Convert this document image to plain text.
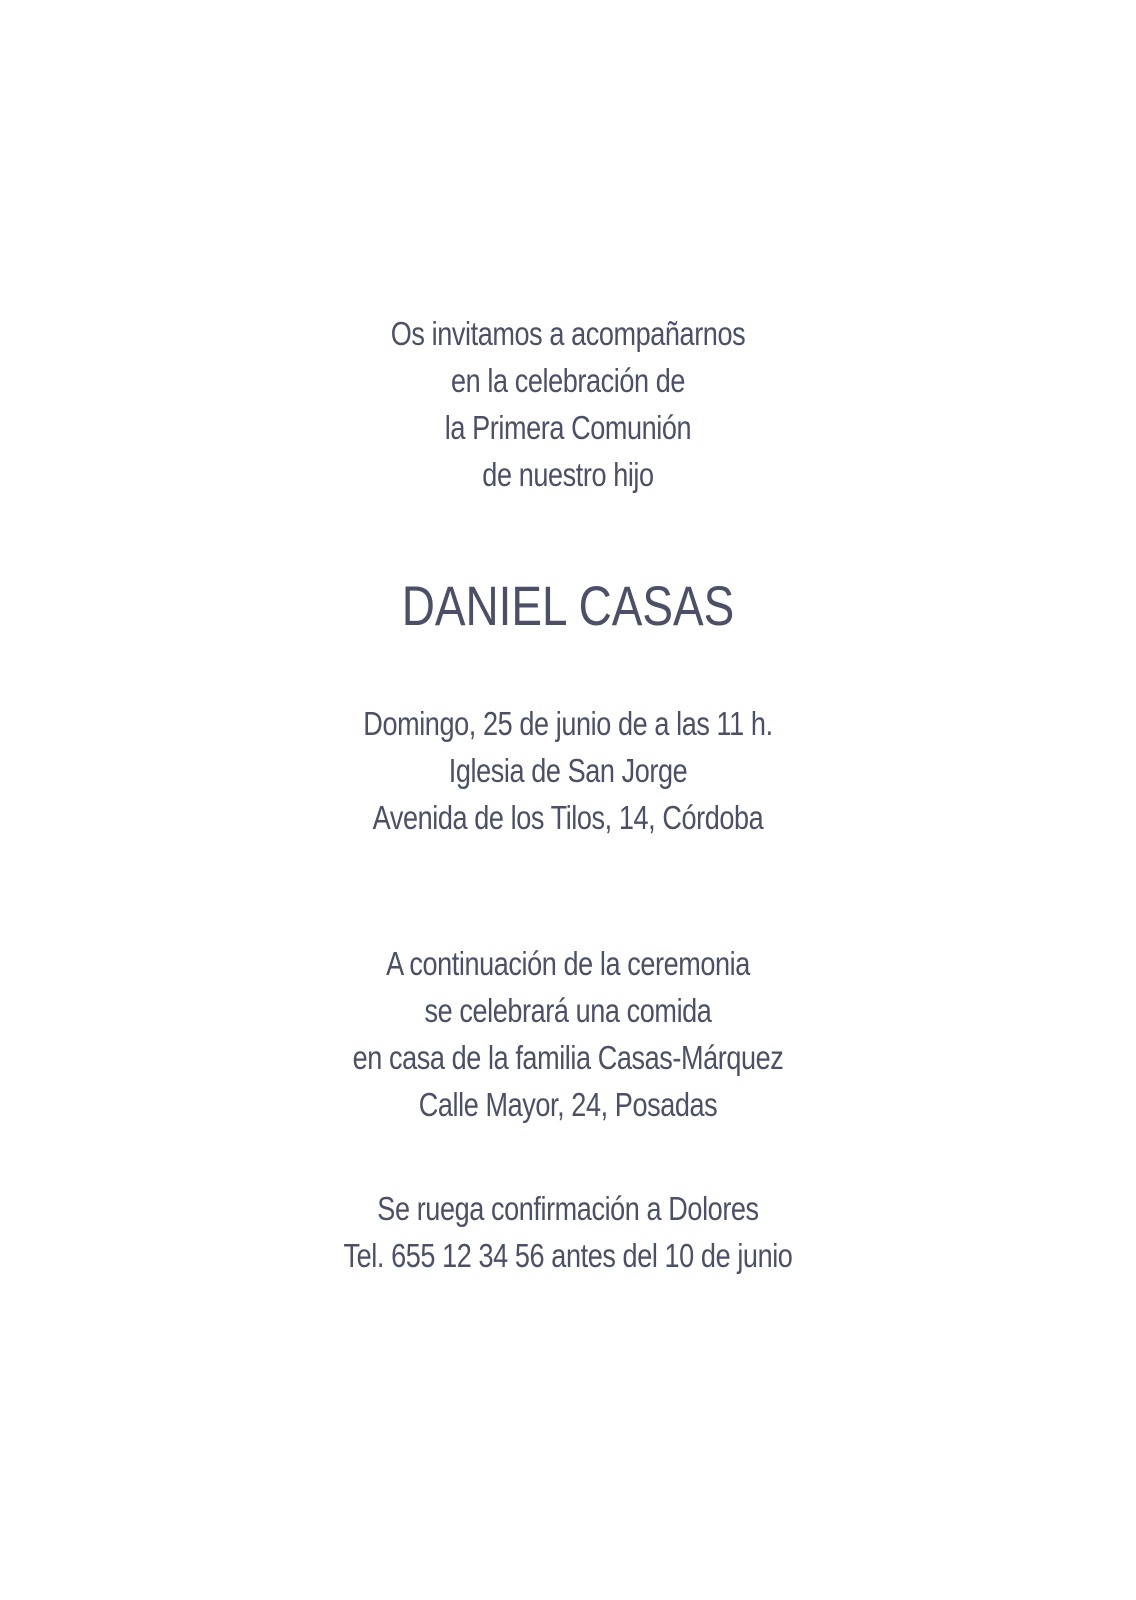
Os invitamos a acompañarnos
en la celebración de
la Primera Comunión
de nuestro hijo
DANIEL CASAS
Domingo, 25 de junio de a las 11 h.
Iglesia de San Jorge
Avenida de los Tilos, 14, Córdoba
A continuación de la ceremonia
se celebrará una comida
en casa de la familia Casas-Márquez
Calle Mayor, 24, Posadas
Se ruega confirmación a Dolores
Tel. 655 12 34 56 antes del 10 de junio
